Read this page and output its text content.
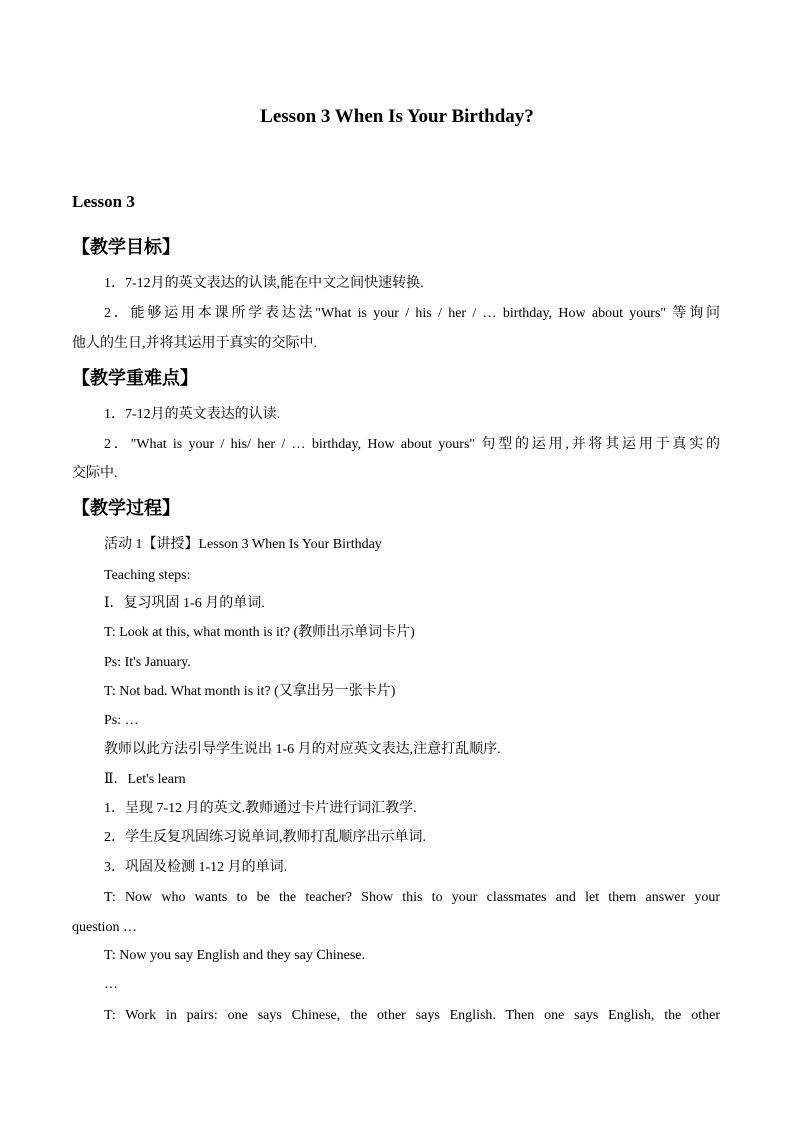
Lesson 3 When Is Your Birthday?
Lesson 3
【教学目标】
1．7-12月的英文表达的认读,能在中文之间快速转换.
2．能够运用本课所学表达法"What is your / his / her / … birthday, How about yours" 等询问
他人的生日,并将其运用于真实的交际中.
【教学重难点】
1．7-12月的英文表达的认读.
2．"What is your / his/ her / … birthday, How about yours" 句型的运用,并将其运用于真实的
交际中.
【教学过程】
活动 1【讲授】Lesson 3 When Is Your Birthday
Teaching steps:
Ⅰ．复习巩固 1-6 月的单词.
T: Look at this, what month is it? (教师出示单词卡片)
Ps: It's January.
T: Not bad. What month is it? (又拿出另一张卡片)
Ps: …
教师以此方法引导学生说出 1-6 月的对应英文表达,注意打乱顺序.
Ⅱ．Let's learn
1．呈现 7-12 月的英文.教师通过卡片进行词汇教学.
2．学生反复巩固练习说单词,教师打乱顺序出示单词.
3．巩固及检测 1-12 月的单词.
T: Now who wants to be the teacher? Show this to your classmates and let them answer your
question …
T: Now you say English and they say Chinese.
…
T: Work in pairs: one says Chinese, the other says English. Then one says English, the other
